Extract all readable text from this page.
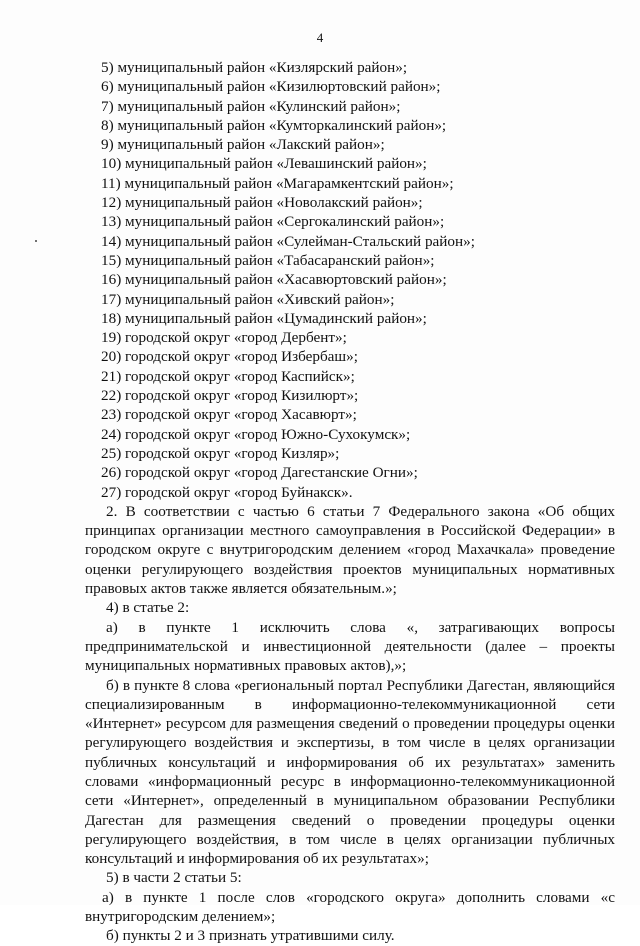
4
5) муниципальный район «Кизлярский район»;
6) муниципальный район «Кизилюртовский район»;
7) муниципальный район «Кулинский район»;
8) муниципальный район «Кумторкалинский район»;
9) муниципальный район «Лакский район»;
10) муниципальный район «Левашинский район»;
11) муниципальный район «Магарамкентский район»;
12) муниципальный район «Новолакский район»;
13) муниципальный район «Сергокалинский район»;
14) муниципальный район «Сулейман-Стальский район»;
15) муниципальный район «Табасаранский район»;
16) муниципальный район «Хасавюртовский район»;
17) муниципальный район «Хивский район»;
18) муниципальный район «Цумадинский район»;
19) городской округ «город Дербент»;
20) городской округ «город Избербаш»;
21) городской округ «город Каспийск»;
22) городской округ «город Кизилюрт»;
23) городской округ «город Хасавюрт»;
24) городской округ «город Южно-Сухокумск»;
25) городской округ «город Кизляр»;
26) городской округ «город Дагестанские Огни»;
27) городской округ «город Буйнакск».

2. В соответствии с частью 6 статьи 7 Федерального закона «Об общих принципах организации местного самоуправления в Российской Федерации» в городском округе с внутригородским делением «город Махачкала» проведение оценки регулирующего воздействия проектов муниципальных нормативных правовых актов также является обязательным.»;

4) в статье 2:

а) в пункте 1 исключить слова «, затрагивающих вопросы предпринимательской и инвестиционной деятельности (далее – проекты муниципальных нормативных правовых актов),»;

б) в пункте 8 слова «региональный портал Республики Дагестан, являющийся специализированным в информационно-телекоммуникационной сети «Интернет» ресурсом для размещения сведений о проведении процедуры оценки регулирующего воздействия и экспертизы, в том числе в целях организации публичных консультаций и информирования об их результатах» заменить словами «информационный ресурс в информационно-телекоммуникационной сети «Интернет», определенный в муниципальном образовании Республики Дагестан для размещения сведений о проведении процедуры оценки регулирующего воздействия, в том числе в целях организации публичных консультаций и информирования об их результатах»;

5) в части 2 статьи 5:

а) в пункте 1 после слов «городского округа» дополнить словами «с внутригородским делением»;

б) пункты 2 и 3 признать утратившими силу.
